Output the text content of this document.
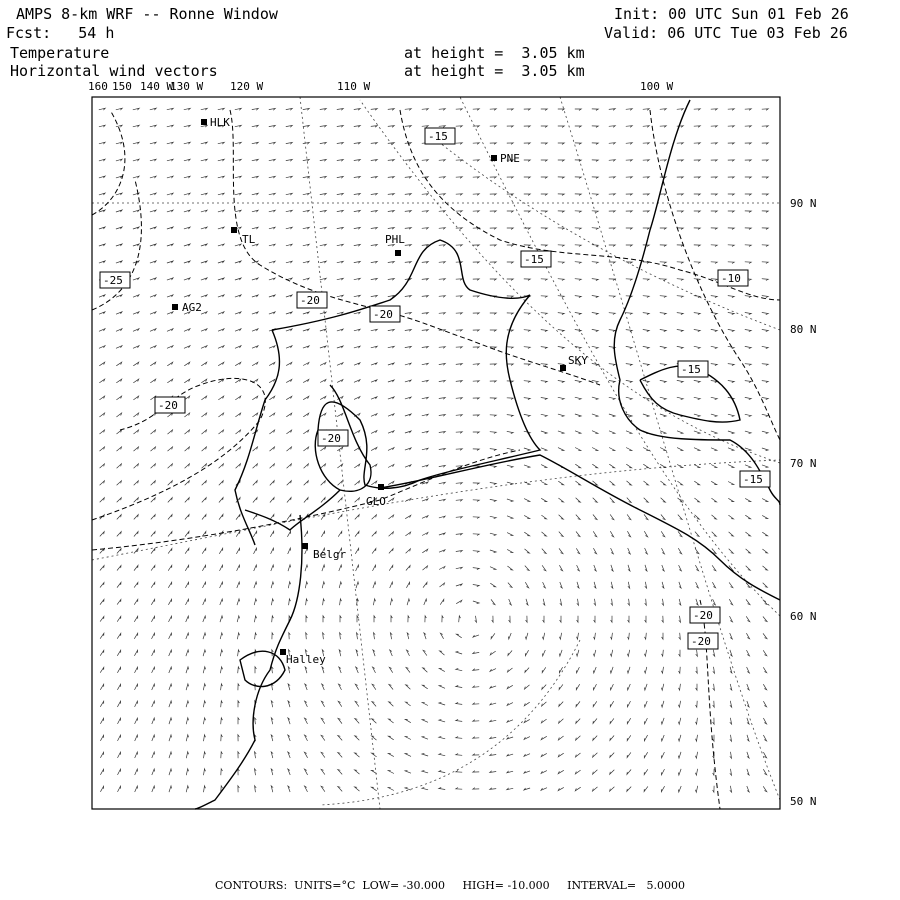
AMPS 8-km WRF -- Ronne Window
Fcst:   54 h
Temperature
Horizontal wind vectors
at height =  3.05 km
at height =  3.05 km
Init: 00 UTC Sun 01 Feb 26
Valid: 06 UTC Tue 03 Feb 26
HLK
PNE
TL	PHL
AG2
SKY
GLO
Belgr
Halley
-15
-15
-25
-20
-20
-10
-15
-20
-20
-15
-20
-20
160 150 140 W
130 W 120 W	110 W	100 W
90 N
80 N
70 N
60 N
50 N
CONTOURS:  UNITS=°C  LOW= -30.000     HIGH= -10.000     INTERVAL=   5.0000
